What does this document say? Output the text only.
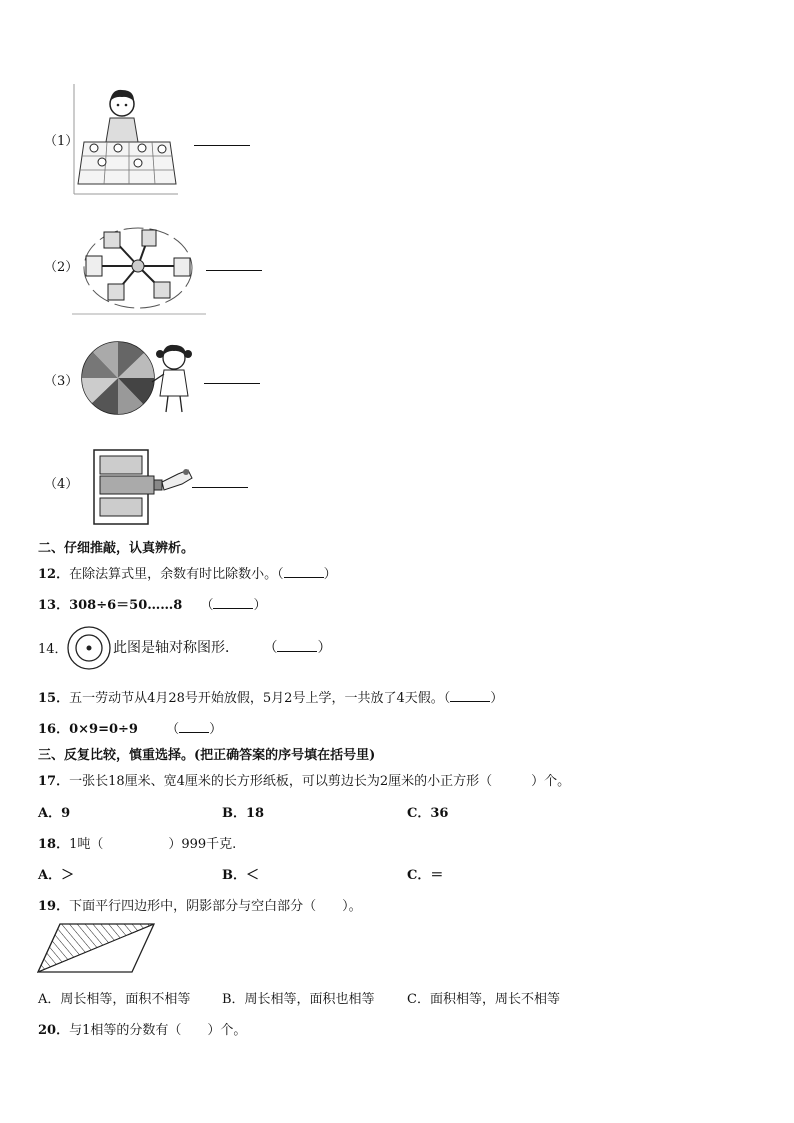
（1）
（2）
（3）
（4）
二、仔细推敲，认真辨析。
12．在除法算式里，余数有时比除数小。（	）
13．308÷6＝50……8 （	）
14．	此图是轴对称图形． （	）
15．五一劳动节从4月28号开始放假，5月2号上学，一共放了4天假。（	）
16．0×9=0÷9 （ ）
三、反复比较，慎重选择。(把正确答案的序号填在括号里)
17．一张长18厘米、宽4厘米的长方形纸板，可以剪边长为2厘米的小正方形（　　　）个。
A．9	B．18	C．36
18．1吨（　　　　　）999千克.
A．＞	B．＜	C．＝
19．下面平行四边形中，阴影部分与空白部分（　　）。
A．周长相等，面积不相等 B．周长相等，面积也相等 C．面积相等，周长不相等
20．与1相等的分数有（　　）个。
